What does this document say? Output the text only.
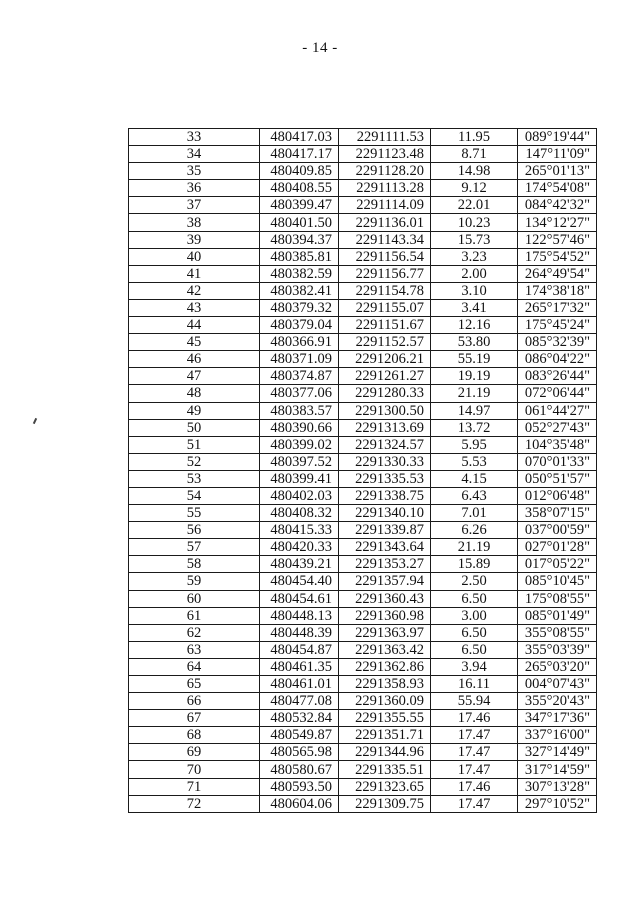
- 14 -
33	480417.03	2291111.53	11.95	089°19'44"
34	480417.17	2291123.48	8.71	147°11'09"
35	480409.85	2291128.20	14.98	265°01'13"
36	480408.55	2291113.28	9.12	174°54'08"
37	480399.47	2291114.09	22.01	084°42'32"
38	480401.50	2291136.01	10.23	134°12'27"
39	480394.37	2291143.34	15.73	122°57'46"
40	480385.81	2291156.54	3.23	175°54'52"
41	480382.59	2291156.77	2.00	264°49'54"
42	480382.41	2291154.78	3.10	174°38'18"
43	480379.32	2291155.07	3.41	265°17'32"
44	480379.04	2291151.67	12.16	175°45'24"
45	480366.91	2291152.57	53.80	085°32'39"
46	480371.09	2291206.21	55.19	086°04'22"
47	480374.87	2291261.27	19.19	083°26'44"
48	480377.06	2291280.33	21.19	072°06'44"
49	480383.57	2291300.50	14.97	061°44'27"
50	480390.66	2291313.69	13.72	052°27'43"
51	480399.02	2291324.57	5.95	104°35'48"
52	480397.52	2291330.33	5.53	070°01'33"
53	480399.41	2291335.53	4.15	050°51'57"
54	480402.03	2291338.75	6.43	012°06'48"
55	480408.32	2291340.10	7.01	358°07'15"
56	480415.33	2291339.87	6.26	037°00'59"
57	480420.33	2291343.64	21.19	027°01'28"
58	480439.21	2291353.27	15.89	017°05'22"
59	480454.40	2291357.94	2.50	085°10'45"
60	480454.61	2291360.43	6.50	175°08'55"
61	480448.13	2291360.98	3.00	085°01'49"
62	480448.39	2291363.97	6.50	355°08'55"
63	480454.87	2291363.42	6.50	355°03'39"
64	480461.35	2291362.86	3.94	265°03'20"
65	480461.01	2291358.93	16.11	004°07'43"
66	480477.08	2291360.09	55.94	355°20'43"
67	480532.84	2291355.55	17.46	347°17'36"
68	480549.87	2291351.71	17.47	337°16'00"
69	480565.98	2291344.96	17.47	327°14'49"
70	480580.67	2291335.51	17.47	317°14'59"
71	480593.50	2291323.65	17.46	307°13'28"
72	480604.06	2291309.75	17.47	297°10'52"
